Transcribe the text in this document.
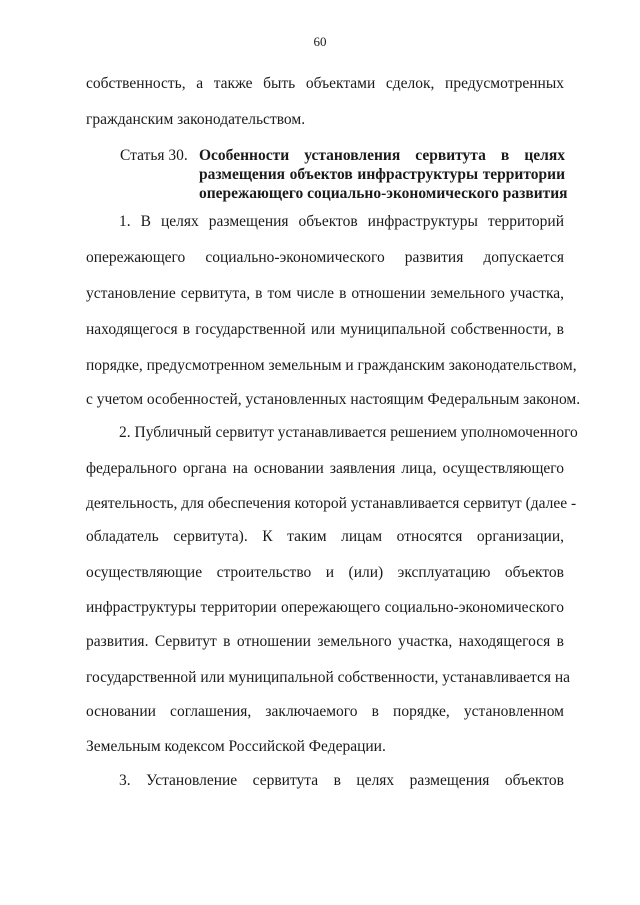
60
собственность, а также быть объектами сделок, предусмотренных
гражданским законодательством.
Статья 30. Особенности установления сервитута в целях
размещения объектов инфраструктуры территории
опережающего социально-экономического развития
1. В целях размещения объектов инфраструктуры территорий
опережающего социально-экономического развития допускается
установление сервитута, в том числе в отношении земельного участка,
находящегося в государственной или муниципальной собственности, в
порядке, предусмотренном земельным и гражданским законодательством,
с учетом особенностей, установленных настоящим Федеральным законом.
2. Публичный сервитут устанавливается решением уполномоченного
федерального органа на основании заявления лица, осуществляющего
деятельность, для обеспечения которой устанавливается сервитут (далее -
обладатель сервитута). К таким лицам относятся организации,
осуществляющие строительство и (или) эксплуатацию объектов
инфраструктуры территории опережающего социально-экономического
развития. Сервитут в отношении земельного участка, находящегося в
государственной или муниципальной собственности, устанавливается на
основании соглашения, заключаемого в порядке, установленном
Земельным кодексом Российской Федерации.
3. Установление сервитута в целях размещения объектов
